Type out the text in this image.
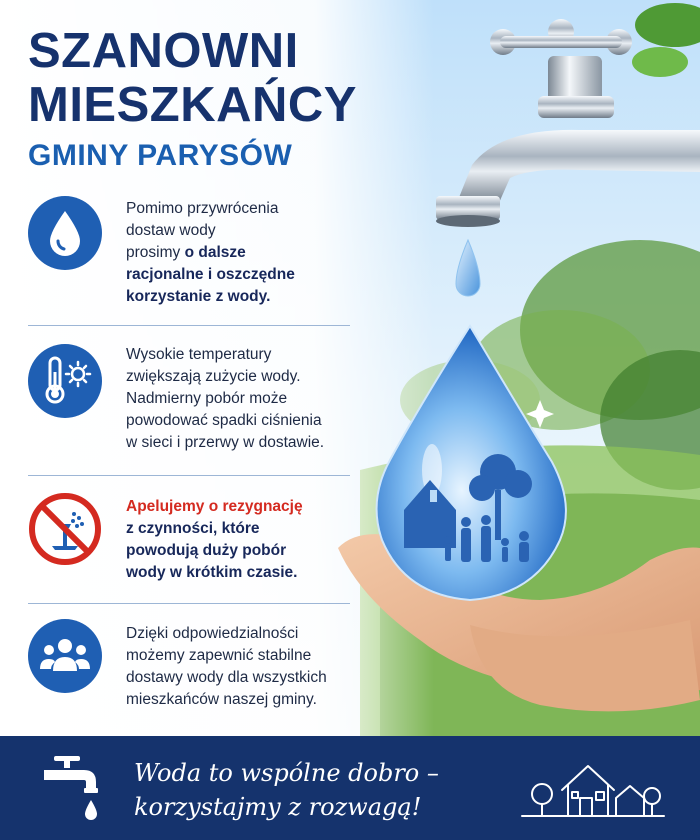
SZANOWNI
MIESZKAŃCY
GMINY PARYSÓW
Pomimo przywrócenia
dostaw wody
prosimy o dalsze
racjonalne i oszczędne
korzystanie z wody.
Wysokie temperatury
zwiększają zużycie wody.
Nadmierny pobór może
powodować spadki ciśnienia
w sieci i przerwy w dostawie.
Apelujemy o rezygnację
z czynności, które
powodują duży pobór
wody w krótkim czasie.
Dzięki odpowiedzialności
możemy zapewnić stabilne
dostawy wody dla wszystkich
mieszkańców naszej gminy.
Woda to wspólne dobro –
korzystajmy z rozwagą!
